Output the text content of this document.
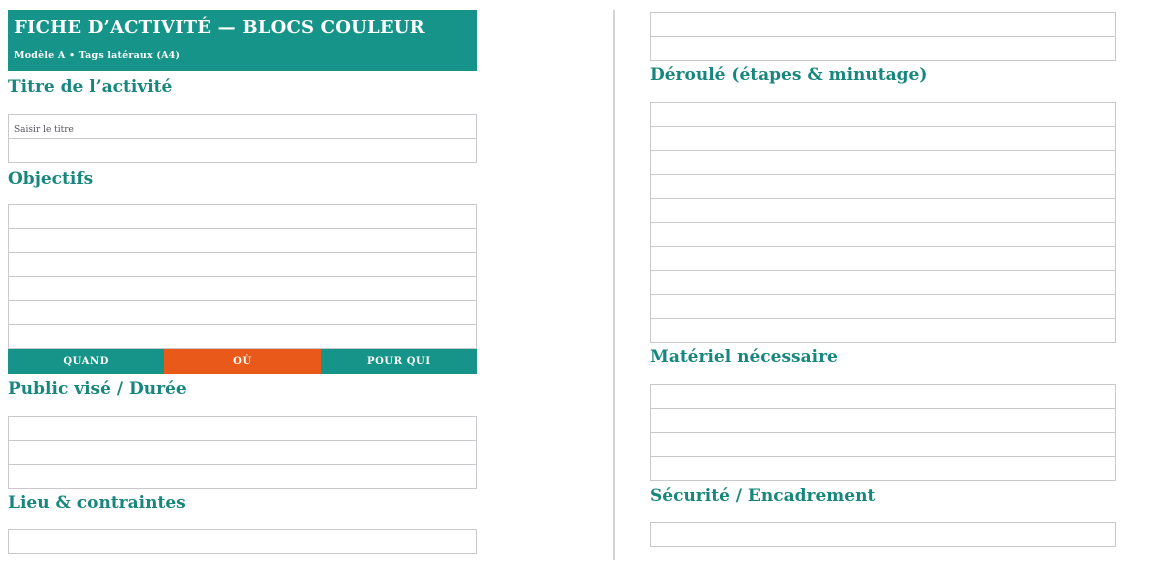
FICHE D’ACTIVITÉ — BLOCS COULEUR
Modèle A • Tags latéraux (A4)
Titre de l’activité
Saisir le titre
Objectifs
QUAND	OÙ	POUR QUI
Public visé / Durée
Lieu & contraintes
Déroulé (étapes & minutage)
Matériel nécessaire
Sécurité / Encadrement
